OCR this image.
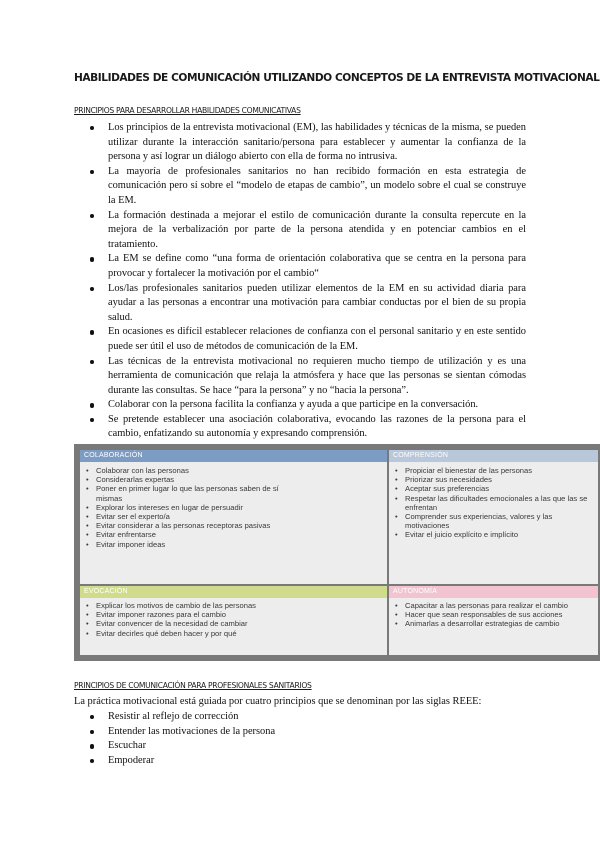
HABILIDADES DE COMUNICACIÓN UTILIZANDO CONCEPTOS DE LA ENTREVISTA MOTIVACIONAL
PRINCIPIOS PARA DESARROLLAR HABILIDADES COMUNICATIVAS
Los principios de la entrevista motivacional (EM), las habilidades y técnicas de la misma, se pueden utilizar durante la interacción sanitario/persona para establecer y aumentar la confianza de la persona y así lograr un diálogo abierto con ella de forma no intrusiva.
La mayoría de profesionales sanitarios no han recibido formación en esta estrategia de comunicación pero sí sobre el “modelo de etapas de cambio”, un modelo sobre el cual se construye la EM.
La formación destinada a mejorar el estilo de comunicación durante la consulta repercute en la mejora de la verbalización por parte de la persona atendida y en potenciar cambios en el tratamiento.
La EM se define como “una forma de orientación colaborativa que se centra en la persona para provocar y fortalecer la motivación por el cambio“
Los/las profesionales sanitarios pueden utilizar elementos de la EM en su actividad diaria para ayudar a las personas a encontrar una motivación para cambiar conductas por el bien de su propia salud.
En ocasiones es difícil establecer relaciones de confianza con el personal sanitario y en este sentido puede ser útil el uso de métodos de comunicación de la EM.
Las técnicas de la entrevista motivacional no requieren mucho tiempo de utilización y es una herramienta de comunicación que relaja la atmósfera y hace que las personas se sientan cómodas durante las consultas. Se hace “para la persona” y no “hacia la persona”.
Colaborar con la persona facilita la confianza y ayuda a que participe en la conversación.
Se pretende establecer una asociación colaborativa, evocando las razones de la persona para el cambio, enfatizando su autonomía y expresando comprensión.
COLABORACIÓN
• Colaborar con las personas
• Considerarlas expertas
• Poner en primer lugar lo que las personas saben de sí mismas
• Explorar los intereses en lugar de persuadir
• Evitar ser el experto/a
• Evitar considerar a las personas receptoras pasivas
• Evitar enfrentarse
• Evitar imponer ideas
COMPRENSIÓN
• Propiciar el bienestar de las personas
• Priorizar sus necesidades
• Aceptar sus preferencias
• Respetar las dificultades emocionales a las que las se enfrentan
• Comprender sus experiencias, valores y las motivaciones
• Evitar el juicio explícito e implícito
EVOCACIÓN
• Explicar los motivos de cambio de las personas
• Evitar imponer razones para el cambio
• Evitar convencer de la necesidad de cambiar
• Evitar decirles qué deben hacer y por qué
AUTONOMÍA
• Capacitar a las personas para realizar el cambio
• Hacer que sean responsables de sus acciones
• Animarlas a desarrollar estrategias de cambio
PRINCIPIOS DE COMUNICACIÓN PARA PROFESIONALES SANITARIOS
La práctica motivacional está guiada por cuatro principios que se denominan por las siglas REEE:
Resistir al reflejo de corrección
Entender las motivaciones de la persona
Escuchar
Empoderar
